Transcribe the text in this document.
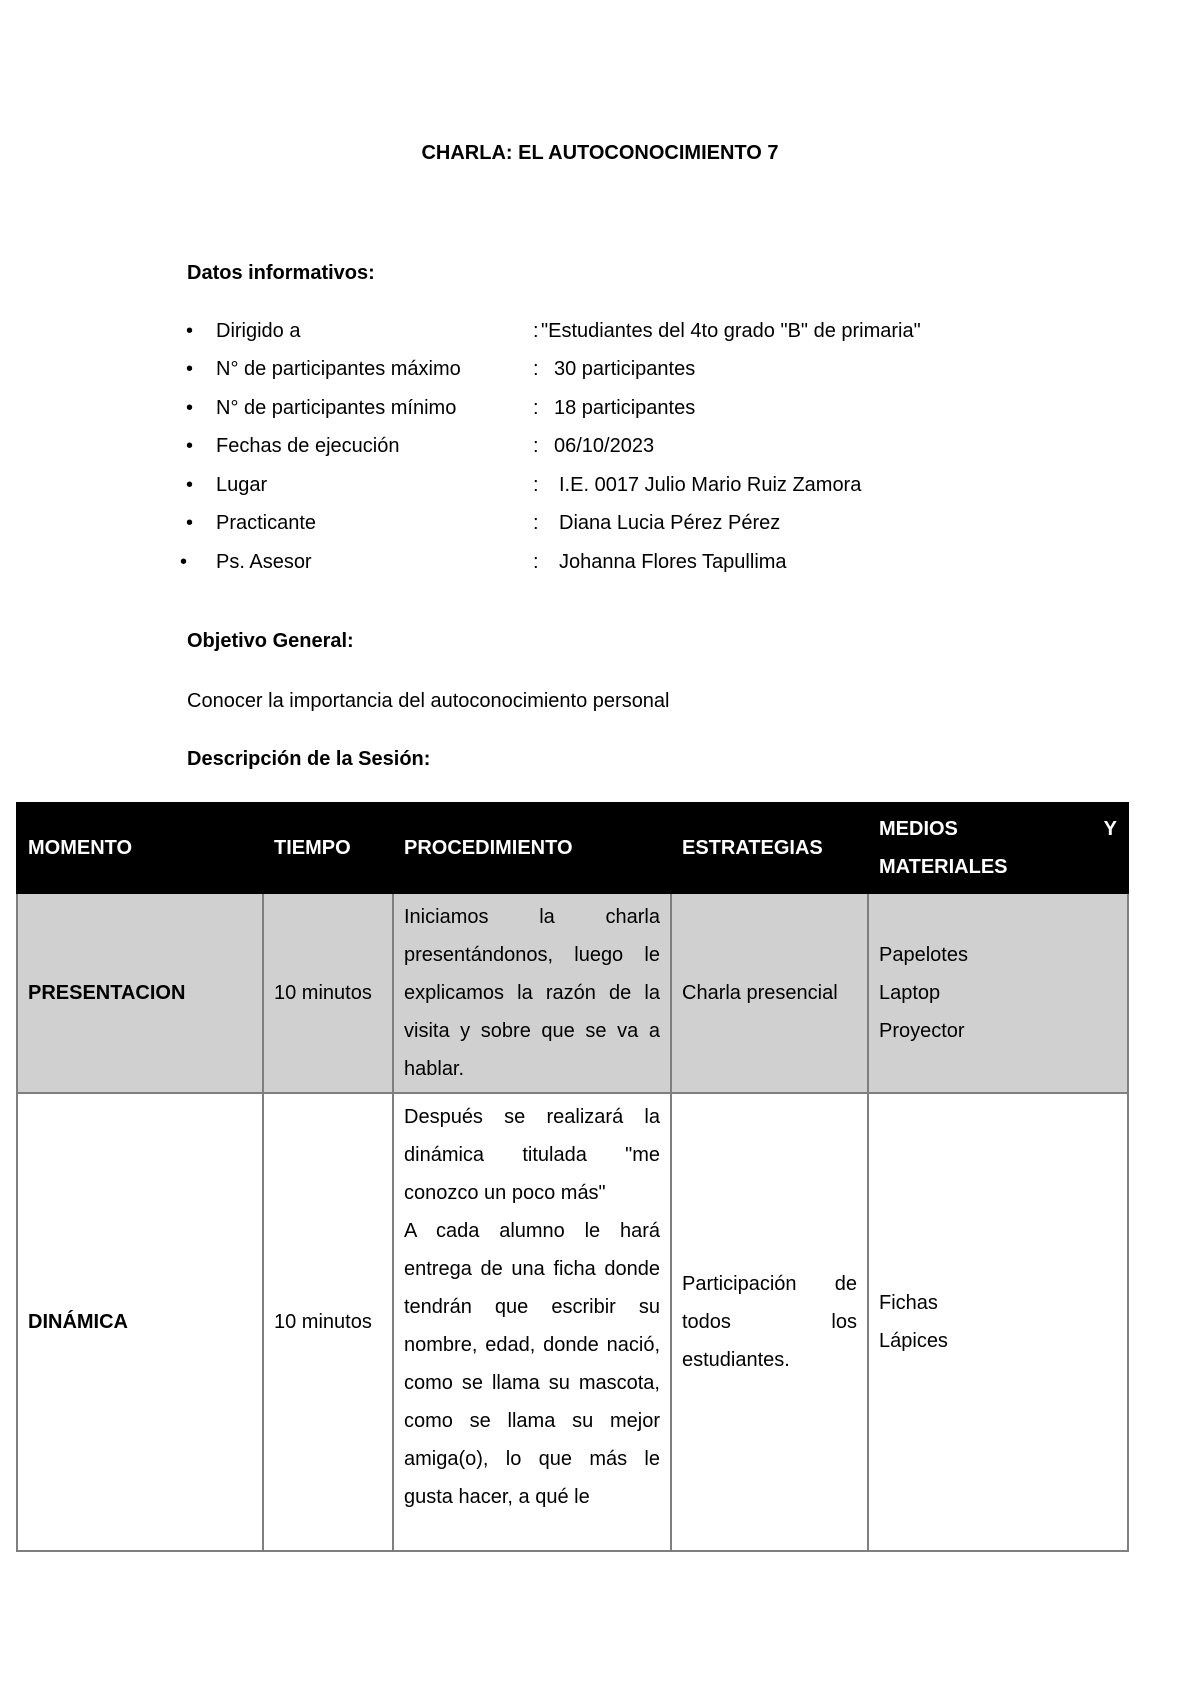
CHARLA: EL AUTOCONOCIMIENTO 7
Datos informativos:
• Dirigido a	: "Estudiantes del 4to grado "B" de primaria"
• N° de participantes máximo	: 30 participantes
• N° de participantes mínimo	: 18 participantes
• Fechas de ejecución	: 06/10/2023
• Lugar	: I.E. 0017 Julio Mario Ruiz Zamora
• Practicante	: Diana Lucia Pérez Pérez
• Ps. Asesor	: Johanna Flores Tapullima
Objetivo General:
Conocer la importancia del autoconocimiento personal
Descripción de la Sesión:
MOMENTO	TIEMPO	PROCEDIMIENTO	ESTRATEGIAS	MEDIOS Y
MATERIALES

PRESENTACION	10 minutos	Iniciamos la charla presentándonos, luego le explicamos la razón de la visita y sobre que se va a hablar.	Charla presencial	Papelotes
Laptop
Proyector

DINÁMICA	10 minutos	Después se realizará la dinámica titulada "me conozco un poco más"
A cada alumno le hará entrega de una ficha donde tendrán que escribir su nombre, edad, donde nació, como se llama su mascota, como se llama su mejor amiga(o), lo que más le gusta hacer, a qué le	Participación de todos los estudiantes.	Fichas
Lápices
